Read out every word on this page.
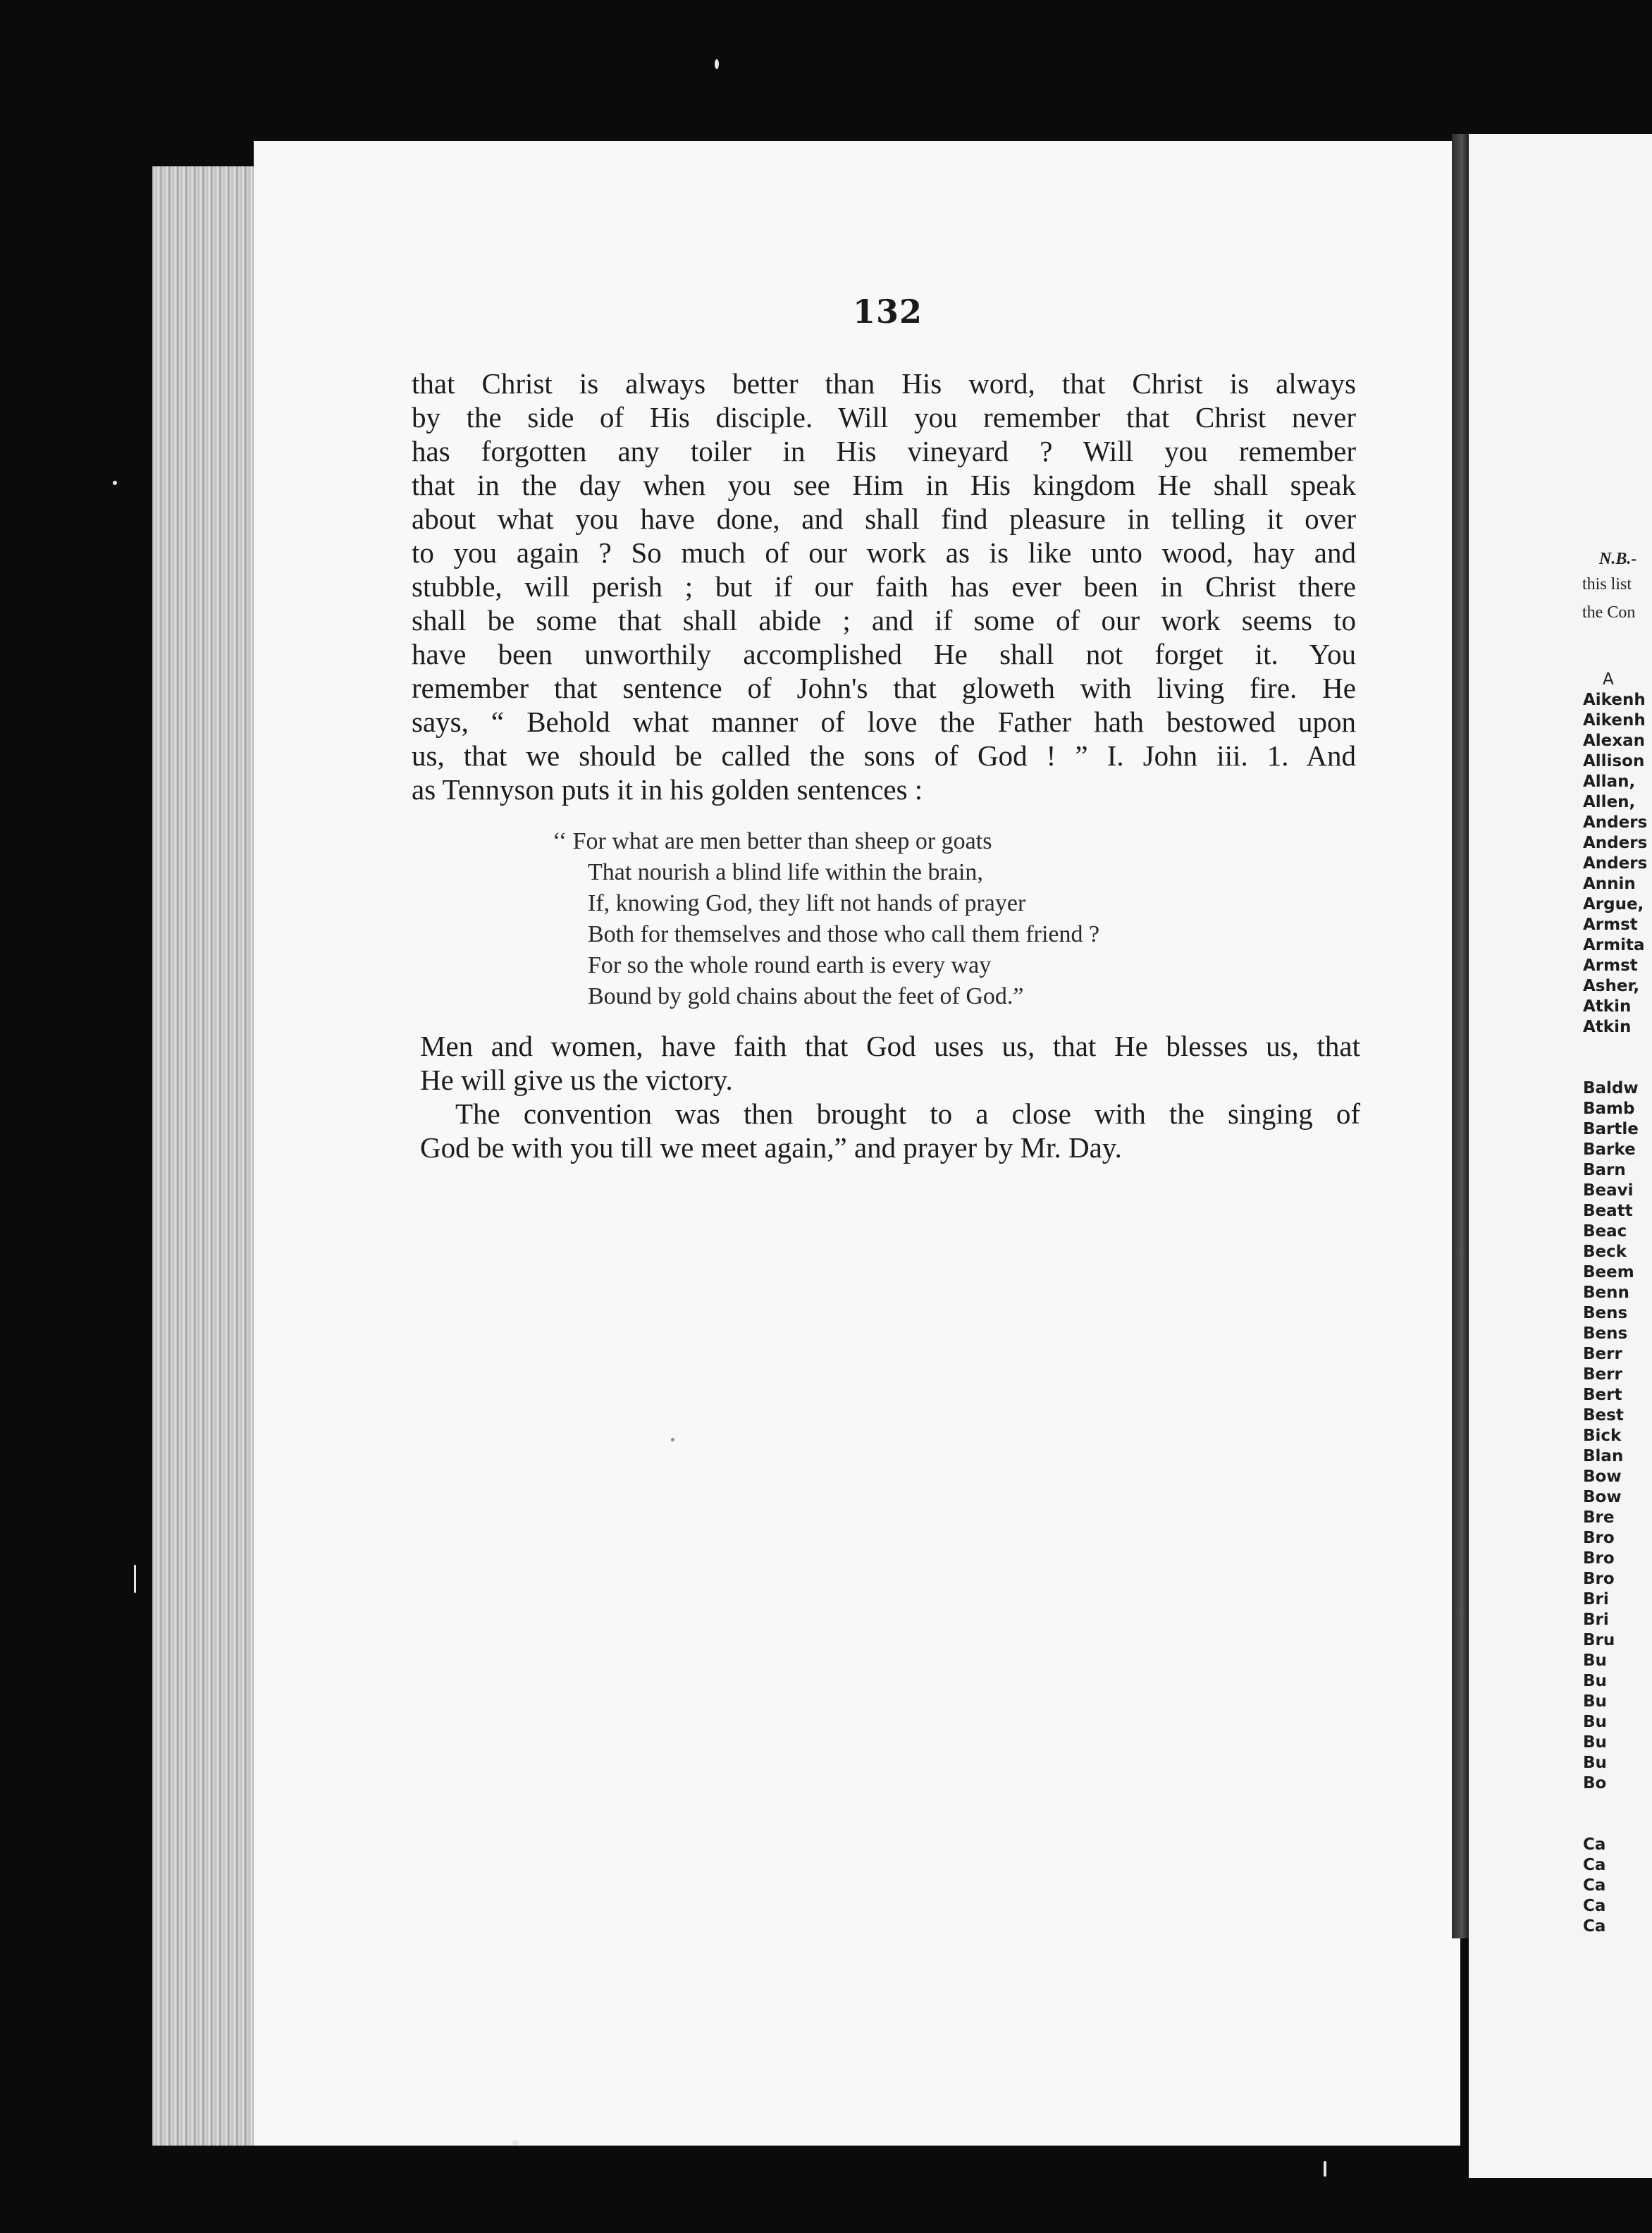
132
that Christ is always better than His word, that Christ is always
by the side of His disciple. Will you remember that Christ never
has forgotten any toiler in His vineyard ? Will you remember
that in the day when you see Him in His kingdom He shall speak
about what you have done, and shall find pleasure in telling it over
to you again ? So much of our work as is like unto wood, hay and
stubble, will perish ; but if our faith has ever been in Christ there
shall be some that shall abide ; and if some of our work seems to
have been unworthily accomplished He shall not forget it. You
remember that sentence of John's that gloweth with living fire. He
says, “ Behold what manner of love the Father hath bestowed upon
us, that we should be called the sons of God ! ” I. John iii. 1. And
as Tennyson puts it in his golden sentences :
‘‘ For what are men better than sheep or goats
That nourish a blind life within the brain,
If, knowing God, they lift not hands of prayer
Both for themselves and those who call them friend ?
For so the whole round earth is every way
Bound by gold chains about the feet of God.”
Men and women, have faith that God uses us, that He blesses us, that
He will give us the victory.
The convention was then brought to a close with the singing of
God be with you till we meet again,” and prayer by Mr. Day.
N.B.-
this list
the Con
A
Aikenh
Aikenh
Alexan
Allison
Allan,
Allen,
Anders
Anders
Anders
Annin
Argue,
Armst
Armita
Armst
Asher,
Atkin
Atkin
Baldw
Bamb
Bartle
Barke
Barn
Beavi
Beatt
Beac
Beck
Beem
Benn
Bens
Bens
Berr
Berr
Bert
Best
Bick
Blan
Bow
Bow
Bre
Bro
Bro
Bro
Bri
Bri
Bru
Bu
Bu
Bu
Bu
Bu
Bu
Bo
Ca
Ca
Ca
Ca
Ca
